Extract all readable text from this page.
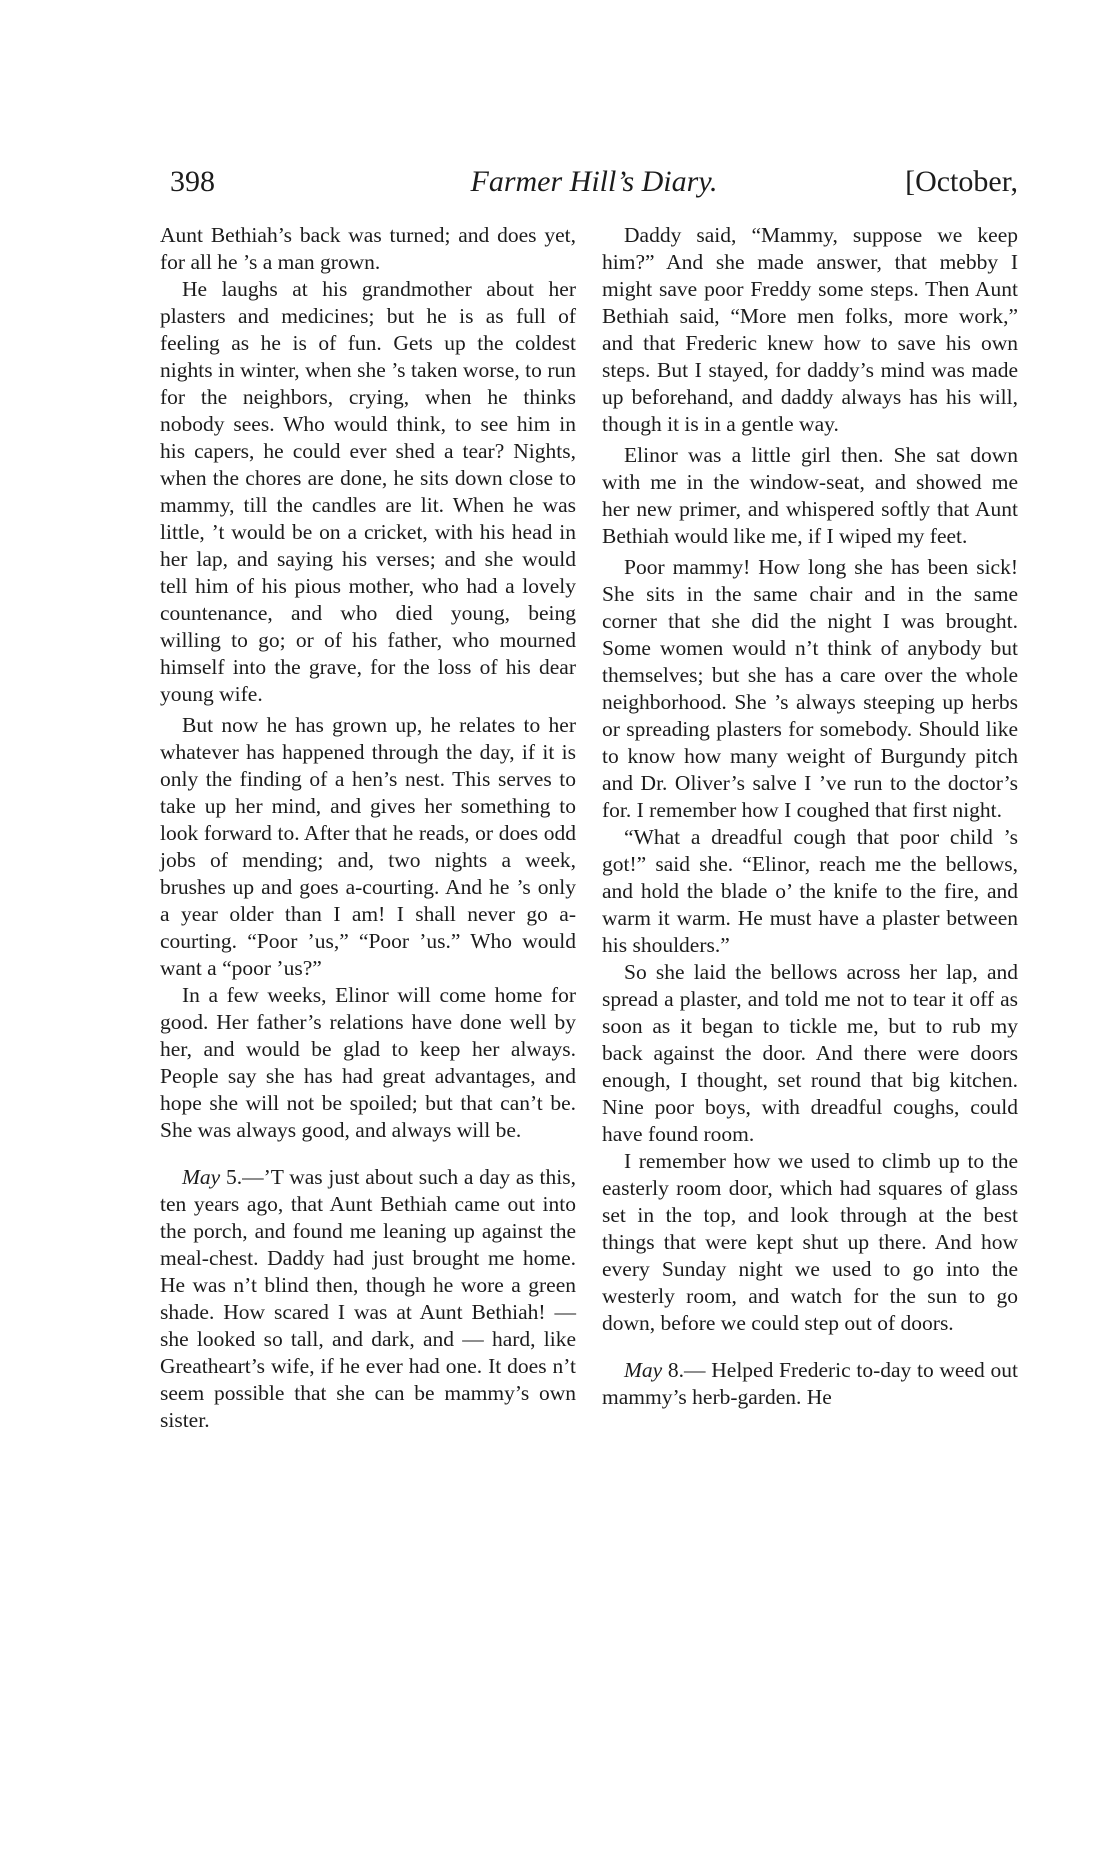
Farmer Hill’s Diary.
398	[October,

Aunt Bethiah’s back was turned; and does yet, for all he ’s a man grown.

He laughs at his grandmother about her plasters and medicines; but he is as full of feeling as he is of fun. Gets up the coldest nights in winter, when she ’s taken worse, to run for the neighbors, crying, when he thinks nobody sees. Who would think, to see him in his capers, he could ever shed a tear? Nights, when the chores are done, he sits down close to mammy, till the candles are lit. When he was little, ’t would be on a cricket, with his head in her lap, and saying his verses; and she would tell him of his pious mother, who had a lovely countenance, and who died young, being willing to go; or of his father, who mourned himself into the grave, for the loss of his dear young wife.

But now he has grown up, he relates to her whatever has happened through the day, if it is only the finding of a hen’s nest. This serves to take up her mind, and gives her something to look forward to. After that he reads, or does odd jobs of mending; and, two nights a week, brushes up and goes a-courting. And he ’s only a year older than I am! I shall never go a-courting. “Poor ’us,” “Poor ’us.” Who would want a “poor ’us?”

In a few weeks, Elinor will come home for good. Her father’s relations have done well by her, and would be glad to keep her always. People say she has had great advantages, and hope she will not be spoiled; but that can’t be. She was always good, and always will be.

May 5.—’T was just about such a day as this, ten years ago, that Aunt Bethiah came out into the porch, and found me leaning up against the meal-chest. Daddy had just brought me home. He was n’t blind then, though he wore a green shade. How scared I was at Aunt Bethiah! — she looked so tall, and dark, and — hard, like Greatheart’s wife, if he ever had one. It does n’t seem possible that she can be mammy’s own sister.

Daddy said, “Mammy, suppose we keep him?” And she made answer, that mebby I might save poor Freddy some steps. Then Aunt Bethiah said, “More men folks, more work,” and that Frederic knew how to save his own steps. But I stayed, for daddy’s mind was made up beforehand, and daddy always has his will, though it is in a gentle way.

Elinor was a little girl then. She sat down with me in the window-seat, and showed me her new primer, and whispered softly that Aunt Bethiah would like me, if I wiped my feet.

Poor mammy! How long she has been sick! She sits in the same chair and in the same corner that she did the night I was brought. Some women would n’t think of anybody but themselves; but she has a care over the whole neighborhood. She ’s always steeping up herbs or spreading plasters for somebody. Should like to know how many weight of Burgundy pitch and Dr. Oliver’s salve I ’ve run to the doctor’s for. I remember how I coughed that first night.

“What a dreadful cough that poor child ’s got!” said she. “Elinor, reach me the bellows, and hold the blade o’ the knife to the fire, and warm it warm. He must have a plaster between his shoulders.”

So she laid the bellows across her lap, and spread a plaster, and told me not to tear it off as soon as it began to tickle me, but to rub my back against the door. And there were doors enough, I thought, set round that big kitchen. Nine poor boys, with dreadful coughs, could have found room.

I remember how we used to climb up to the easterly room door, which had squares of glass set in the top, and look through at the best things that were kept shut up there. And how every Sunday night we used to go into the westerly room, and watch for the sun to go down, before we could step out of doors.

May 8.— Helped Frederic to-day to weed out mammy’s herb-garden. He
